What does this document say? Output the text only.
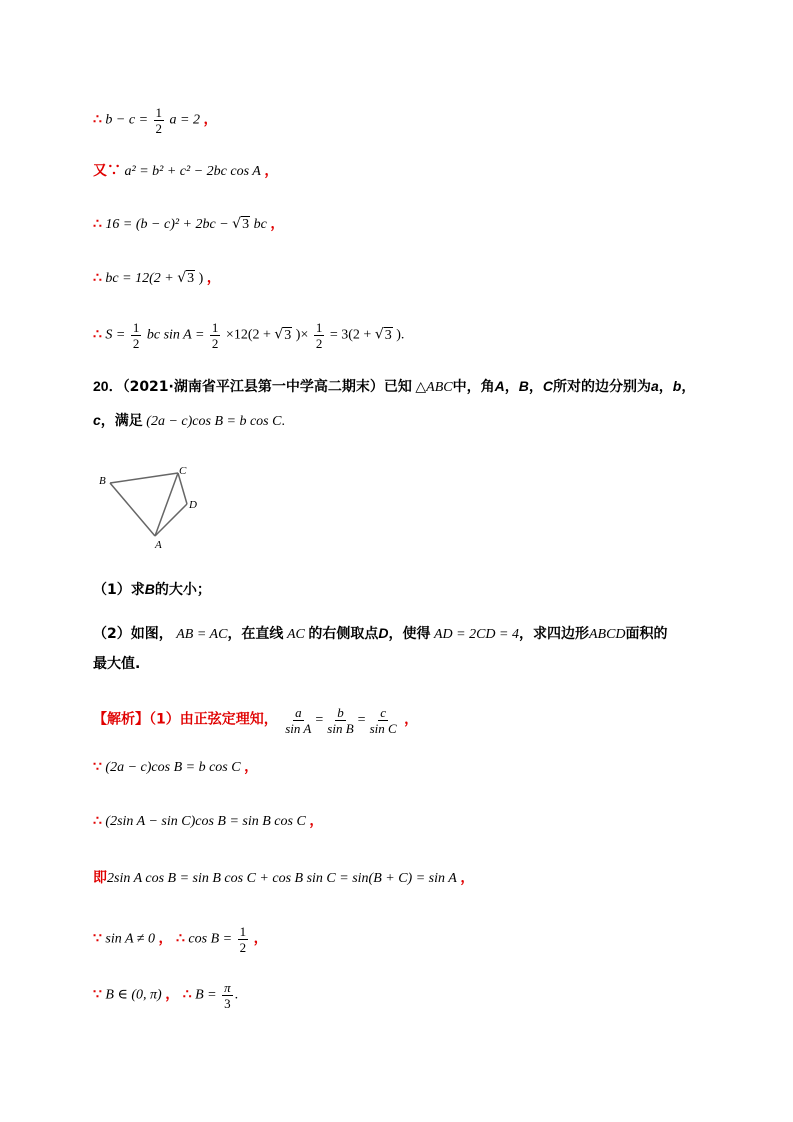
∴ $b - c = \frac{1}{2}$ a = 2 ，
又∵ a² = b² + c² − 2bc cos A ，
∴ 16 = (b − c)² + 2bc − √3 bc ，
∴ bc = 12(2 + √3 ) ，
∴ $S = \frac{1}{2}$ bc $\sin A = \frac{1}{2} \times 12(2 + √3$ )× $\frac{1}{2} = 3(2 + √3$ ).
20．（2021·湖南省平江县第一中学高二期末）已知 △ABC中，角A，B，C所对的边分别为a，b，
c，满足 (2a − c)cos B = b cos C.
B
C
D
A
（1）求B的大小；
（2）如图， AB = AC，在直线 AC 的右侧取点D，使得 AD = 2CD = 4，求四边形ABCD面积的
最大值.
【解析】（1）由正弦定理知， $\frac{a}{\text{sin A}} = \frac{b}{\text{sin B}} = \frac{c}{\text{sin C}}$ ，
∵ (2a − c)cos B = b cos C ，
∴ (2sin A − sin C)cos B = sin B cos C ，
即2sin A cos B = sin B cos C + cos B sin C = sin(B + C) = sin A ，
∵ sin A ≠ 0 ， ∴ $\cos B = \frac{1}{2}$ ，
∵ B ∈ (0, π) ， ∴ $B = \frac{\pi}{3}$ .
